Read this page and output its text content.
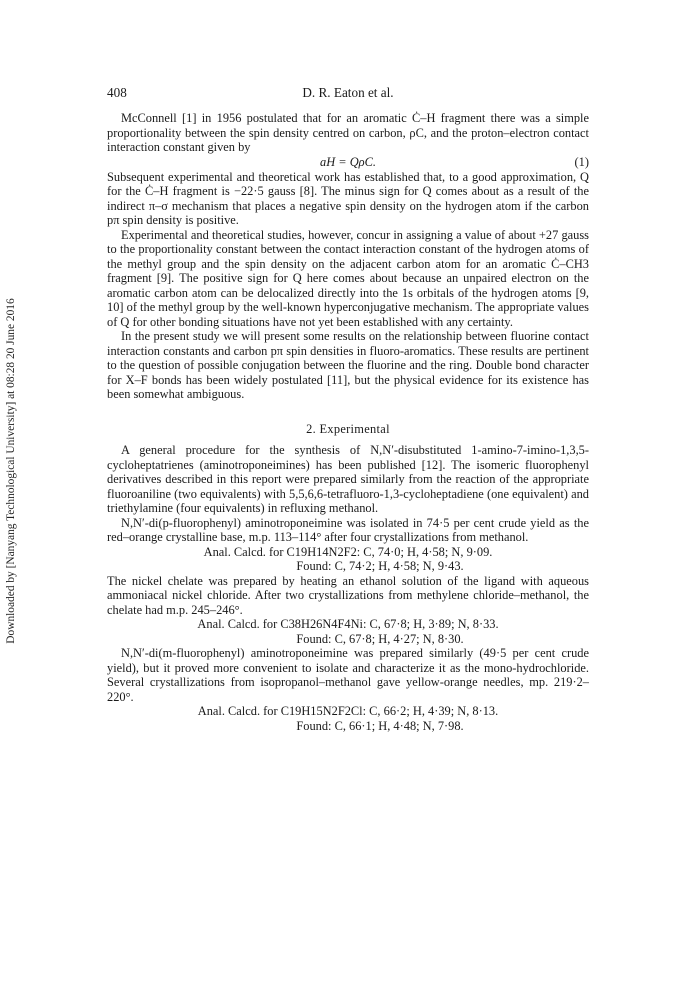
Downloaded by [Nanyang Technological University] at 08:28 20 June 2016
408	D. R. Eaton et al.

McConnell [1] in 1956 postulated that for an aromatic Ċ–H fragment there was a simple proportionality between the spin density centred on carbon, ρC, and the proton–electron contact interaction constant given by

aH = QρC.	(1)

Subsequent experimental and theoretical work has established that, to a good approximation, Q for the Ċ–H fragment is −22·5 gauss [8]. The minus sign for Q comes about as a result of the indirect π–σ mechanism that places a negative spin density on the hydrogen atom if the carbon pπ spin density is positive.

Experimental and theoretical studies, however, concur in assigning a value of about +27 gauss to the proportionality constant between the contact interaction constant of the hydrogen atoms of the methyl group and the spin density on the adjacent carbon atom for an aromatic Ċ–CH3 fragment [9]. The positive sign for Q here comes about because an unpaired electron on the aromatic carbon atom can be delocalized directly into the 1s orbitals of the hydrogen atoms [9, 10] of the methyl group by the well-known hyperconjugative mechanism. The appropriate values of Q for other bonding situations have not yet been established with any certainty.

In the present study we will present some results on the relationship between fluorine contact interaction constants and carbon pπ spin densities in fluoro-aromatics. These results are pertinent to the question of possible conjugation between the fluorine and the ring. Double bond character for X–F bonds has been widely postulated [11], but the physical evidence for its existence has been somewhat ambiguous.

2. Experimental

A general procedure for the synthesis of N,N′-disubstituted 1-amino-7-imino-1,3,5-cycloheptatrienes (aminotroponeimines) has been published [12]. The isomeric fluorophenyl derivatives described in this report were prepared similarly from the reaction of the appropriate fluoroaniline (two equivalents) with 5,5,6,6-tetrafluoro-1,3-cycloheptadiene (one equivalent) and triethylamine (four equivalents) in refluxing methanol.

N,N′-di(p-fluorophenyl) aminotroponeimine was isolated in 74·5 per cent crude yield as the red–orange crystalline base, m.p. 113–114° after four crystallizations from methanol.

Anal. Calcd. for C19H14N2F2: C, 74·0; H, 4·58; N, 9·09.
Found: C, 74·2; H, 4·58; N, 9·43.

The nickel chelate was prepared by heating an ethanol solution of the ligand with aqueous ammoniacal nickel chloride. After two crystallizations from methylene chloride–methanol, the chelate had m.p. 245–246°.

Anal. Calcd. for C38H26N4F4Ni: C, 67·8; H, 3·89; N, 8·33.
Found: C, 67·8; H, 4·27; N, 8·30.

N,N′-di(m-fluorophenyl) aminotroponeimine was prepared similarly (49·5 per cent crude yield), but it proved more convenient to isolate and characterize it as the mono-hydrochloride. Several crystallizations from isopropanol–methanol gave yellow-orange needles, mp. 219·2–220°.

Anal. Calcd. for C19H15N2F2Cl: C, 66·2; H, 4·39; N, 8·13.
Found: C, 66·1; H, 4·48; N, 7·98.
